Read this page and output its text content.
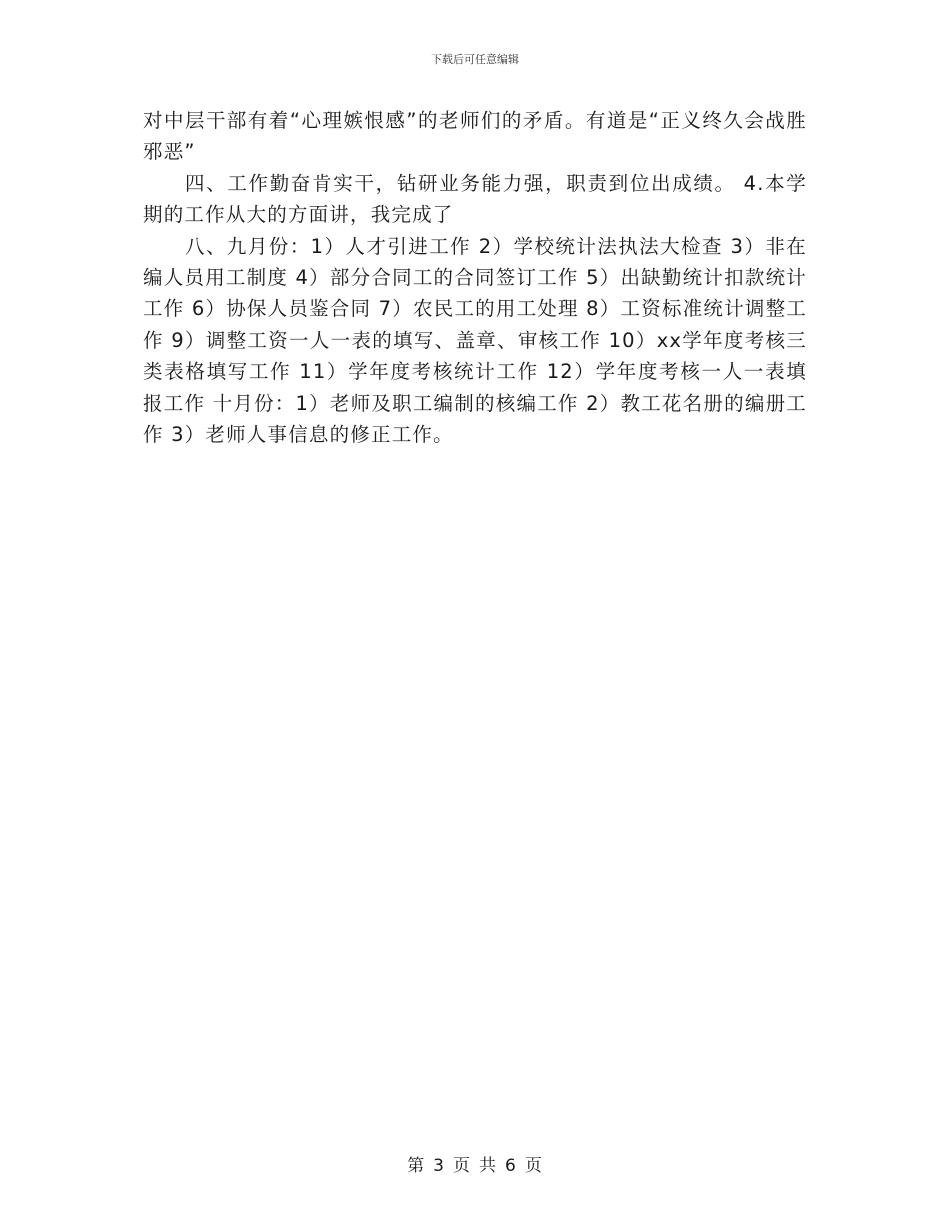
下载后可任意编辑

对中层干部有着“心理嫉恨感”的老师们的矛盾。有道是“正义终久会战胜邪恶”

四、工作勤奋肯实干，钻研业务能力强，职责到位出成绩。 4.本学期的工作从大的方面讲，我完成了

八、九月份：1）人才引进工作 2）学校统计法执法大检查 3）非在编人员用工制度 4）部分合同工的合同签订工作 5）出缺勤统计扣款统计工作 6）协保人员鉴合同 7）农民工的用工处理 8）工资标准统计调整工作 9）调整工资一人一表的填写、盖章、审核工作 10）xx学年度考核三类表格填写工作 11）学年度考核统计工作 12）学年度考核一人一表填报工作 十月份：1）老师及职工编制的核编工作 2）教工花名册的编册工作 3）老师人事信息的修正工作。

第 3 页 共 6 页
